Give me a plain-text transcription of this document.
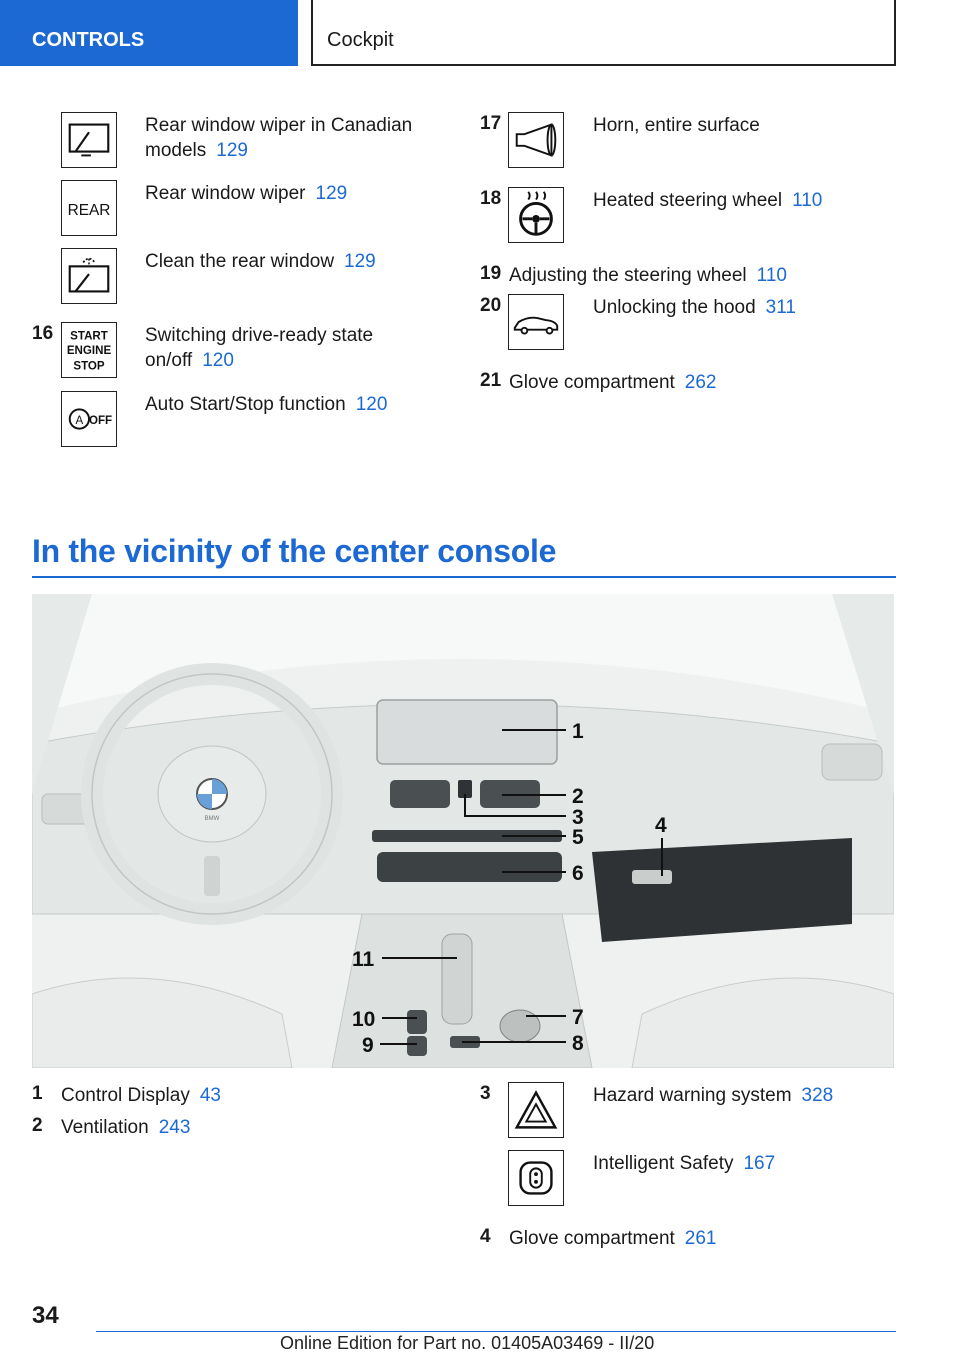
CONTROLS	Cockpit
Rear window wiper in Canadian models 129
REAR
Rear window wiper 129
Clean the rear window 129
16 START
ENGINE
STOP
Switching drive-ready state on/off 120
A OFF
Auto Start/Stop function 120
17	Horn, entire surface
18	Heated steering wheel 110
19 Adjusting the steering wheel 110
20	Unlocking the hood 311
21 Glove compartment 262
In the vicinity of the center console
BMW
1
2
3	4
5
6
7
8
9
10
11
1 Control Display 43
2 Ventilation 243
3	Hazard warning system 328
Intelligent Safety 167
4 Glove compartment 261
34
Online Edition for Part no. 01405A03469 - II/20
